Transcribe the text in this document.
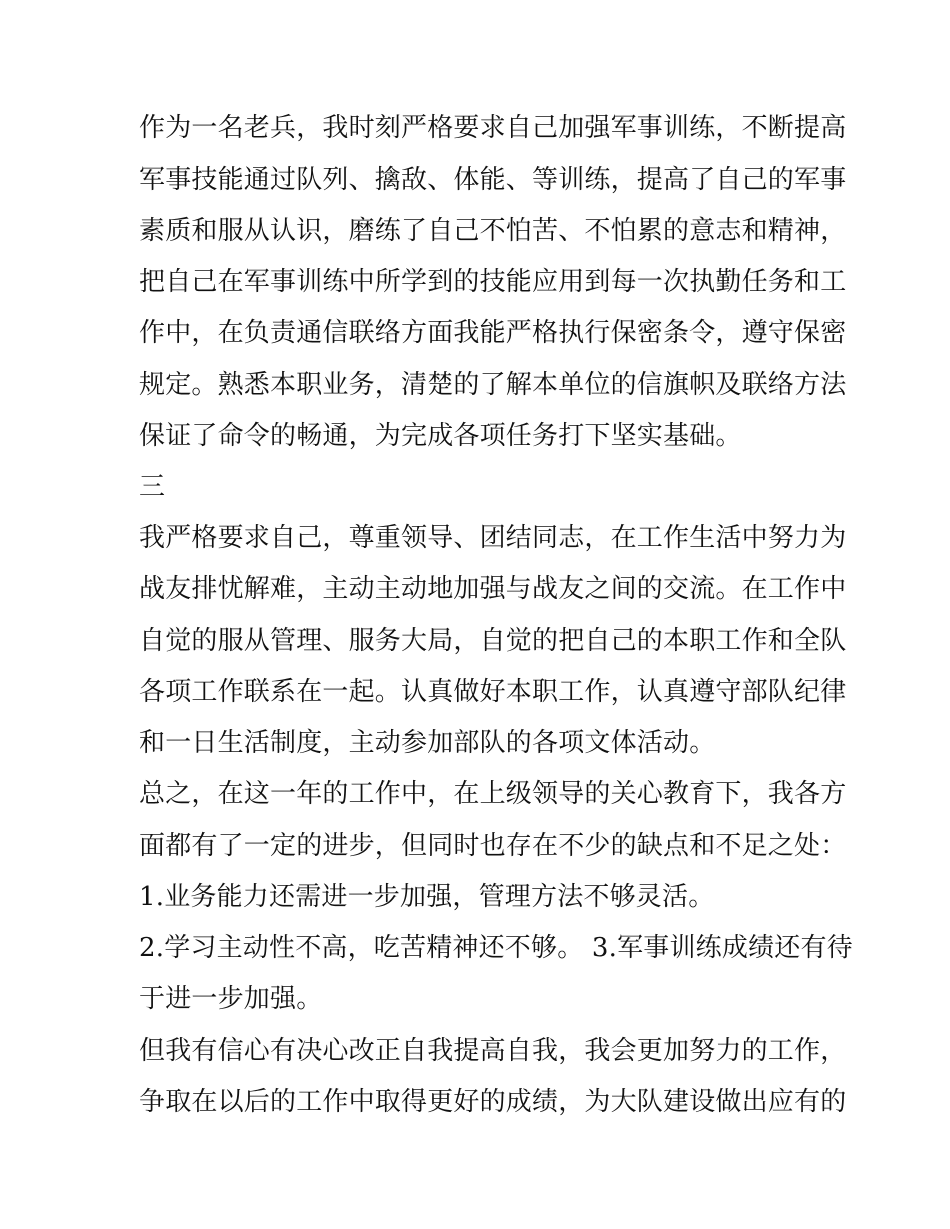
作为一名老兵，我时刻严格要求自己加强军事训练，不断提高
军事技能通过队列、擒敌、体能、等训练，提高了自己的军事
素质和服从认识，磨练了自己不怕苦、不怕累的意志和精神，
把自己在军事训练中所学到的技能应用到每一次执勤任务和工
作中，在负责通信联络方面我能严格执行保密条令，遵守保密
规定。熟悉本职业务，清楚的了解本单位的信旗帜及联络方法
保证了命令的畅通，为完成各项任务打下坚实基础。
三
我严格要求自己，尊重领导、团结同志，在工作生活中努力为
战友排忧解难，主动主动地加强与战友之间的交流。在工作中
自觉的服从管理、服务大局，自觉的把自己的本职工作和全队
各项工作联系在一起。认真做好本职工作，认真遵守部队纪律
和一日生活制度，主动参加部队的各项文体活动。
总之，在这一年的工作中，在上级领导的关心教育下，我各方
面都有了一定的进步，但同时也存在不少的缺点和不足之处：
1.业务能力还需进一步加强，管理方法不够灵活。
2.学习主动性不高，吃苦精神还不够。 3.军事训练成绩还有待
于进一步加强。
但我有信心有决心改正自我提高自我，我会更加努力的工作，
争取在以后的工作中取得更好的成绩，为大队建设做出应有的
